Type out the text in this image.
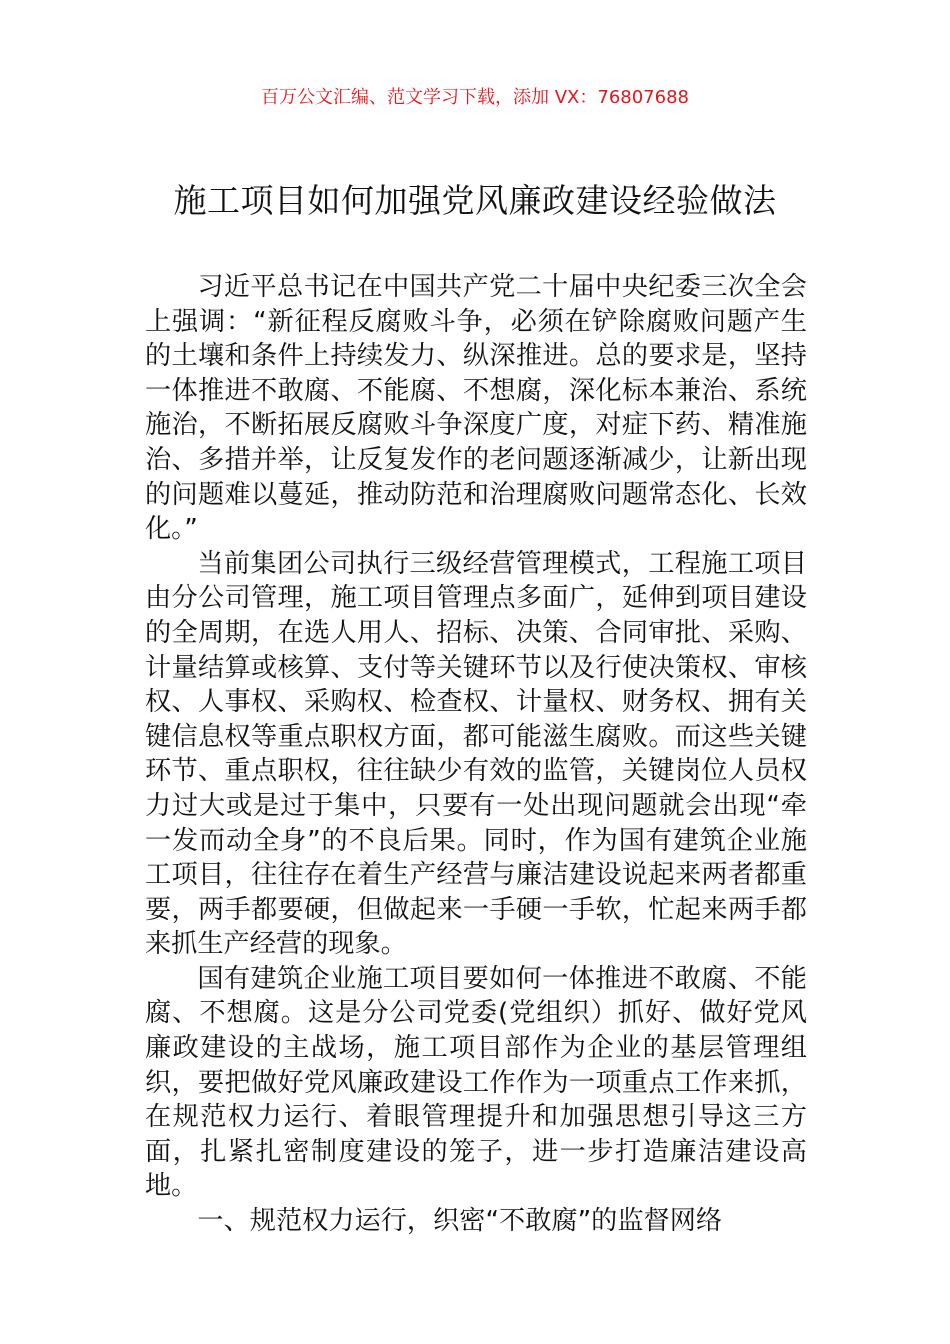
百万公文汇编、范文学习下载，添加 VX：76807688
施工项目如何加强党风廉政建设经验做法

习近平总书记在中国共产党二十届中央纪委三次全会上强调：“新征程反腐败斗争，必须在铲除腐败问题产生的土壤和条件上持续发力、纵深推进。总的要求是，坚持一体推进不敢腐、不能腐、不想腐，深化标本兼治、系统施治，不断拓展反腐败斗争深度广度，对症下药、精准施治、多措并举，让反复发作的老问题逐渐减少，让新出现的问题难以蔓延，推动防范和治理腐败问题常态化、长效化。”

当前集团公司执行三级经营管理模式，工程施工项目由分公司管理，施工项目管理点多面广，延伸到项目建设的全周期，在选人用人、招标、决策、合同审批、采购、计量结算或核算、支付等关键环节以及行使决策权、审核权、人事权、采购权、检查权、计量权、财务权、拥有关键信息权等重点职权方面，都可能滋生腐败。而这些关键环节、重点职权，往往缺少有效的监管，关键岗位人员权力过大或是过于集中，只要有一处出现问题就会出现“牵一发而动全身”的不良后果。同时，作为国有建筑企业施工项目，往往存在着生产经营与廉洁建设说起来两者都重要，两手都要硬，但做起来一手硬一手软，忙起来两手都来抓生产经营的现象。

国有建筑企业施工项目要如何一体推进不敢腐、不能腐、不想腐。这是分公司党委(党组织）抓好、做好党风廉政建设的主战场，施工项目部作为企业的基层管理组织，要把做好党风廉政建设工作作为一项重点工作来抓，在规范权力运行、着眼管理提升和加强思想引导这三方面，扎紧扎密制度建设的笼子，进一步打造廉洁建设高地。

一、规范权力运行，织密“不敢腐”的监督网络
